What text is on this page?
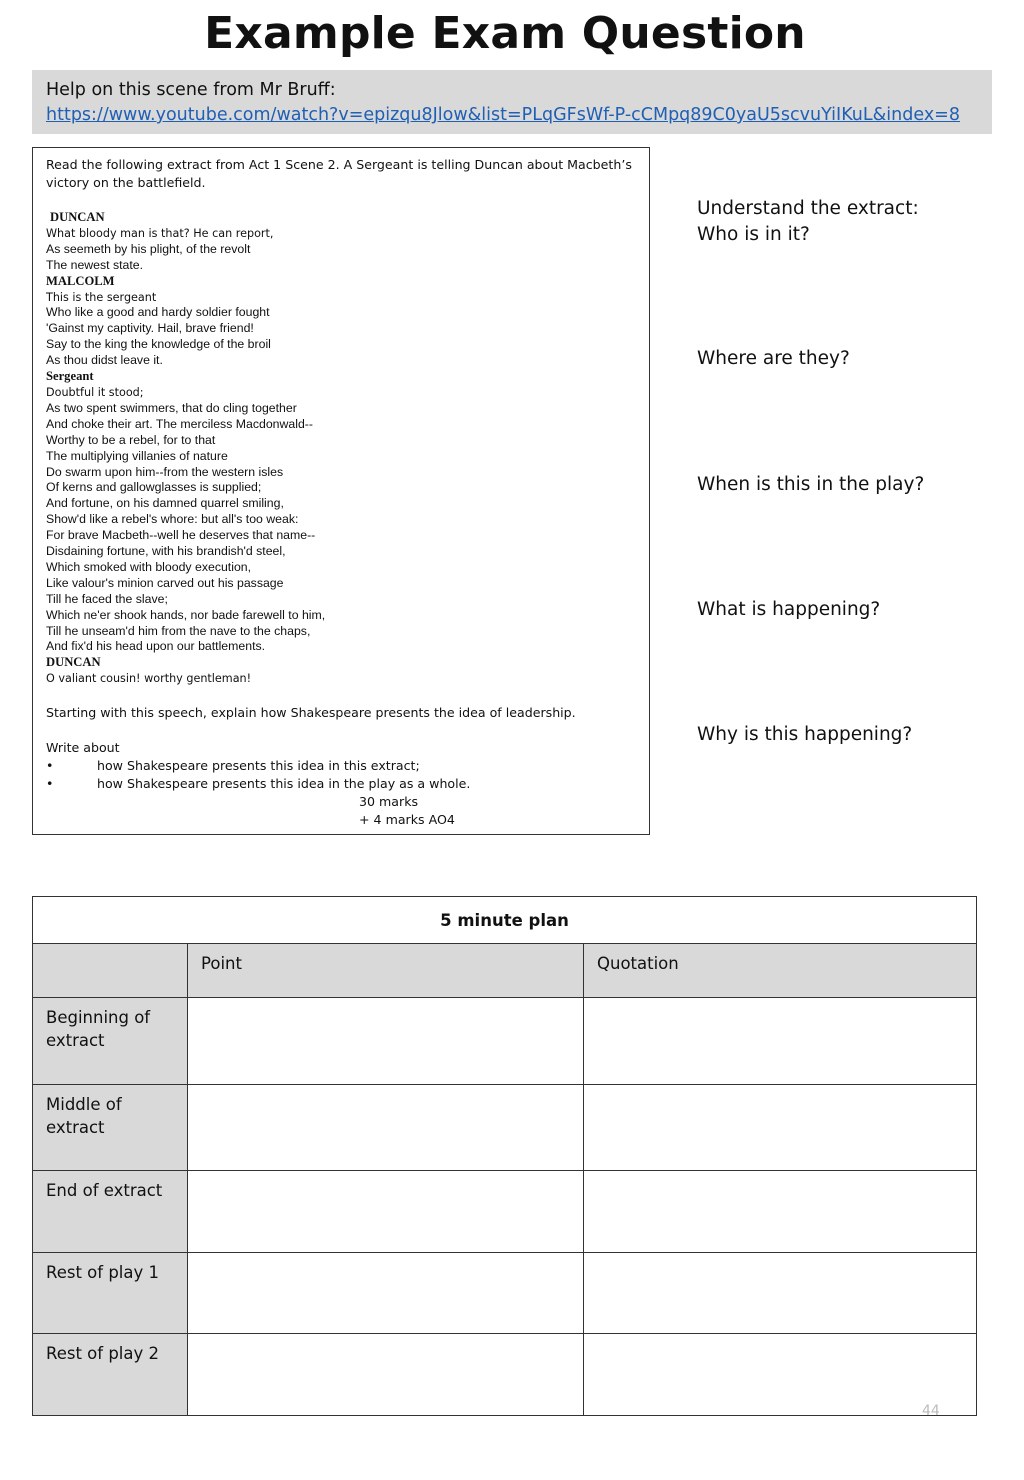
Example Exam Question
Help on this scene from Mr Bruff:
https://www.youtube.com/watch?v=epizqu8Jlow&list=PLqGFsWf-P-cCMpq89C0yaU5scvuYiIKuL&index=8

Read the following extract from Act 1 Scene 2. A Sergeant is telling Duncan about Macbeth’s victory on the battlefield.

DUNCAN
What bloody man is that? He can report,
As seemeth by his plight, of the revolt
The newest state.
MALCOLM
This is the sergeant
Who like a good and hardy soldier fought
'Gainst my captivity. Hail, brave friend!
Say to the king the knowledge of the broil
As thou didst leave it.
Sergeant
Doubtful it stood;
As two spent swimmers, that do cling together
And choke their art. The merciless Macdonwald--
Worthy to be a rebel, for to that
The multiplying villanies of nature
Do swarm upon him--from the western isles
Of kerns and gallowglasses is supplied;
And fortune, on his damned quarrel smiling,
Show'd like a rebel's whore: but all's too weak:
For brave Macbeth--well he deserves that name--
Disdaining fortune, with his brandish'd steel,
Which smoked with bloody execution,
Like valour's minion carved out his passage
Till he faced the slave;
Which ne'er shook hands, nor bade farewell to him,
Till he unseam'd him from the nave to the chaps,
And fix'd his head upon our battlements.
DUNCAN
O valiant cousin! worthy gentleman!
Starting with this speech, explain how Shakespeare presents the idea of leadership.
Write about
•	how Shakespeare presents this idea in this extract;
•	how Shakespeare presents this idea in the play as a whole.
30 marks
+ 4 marks AO4
Understand the extract:
Who is in it?
Where are they?
When is this in the play?
What is happening?
Why is this happening?
5 minute plan		
	Point	Quotation
Beginning of extract		
Middle of extract		
End of extract		
Rest of play 1		
Rest of play 2		
44
